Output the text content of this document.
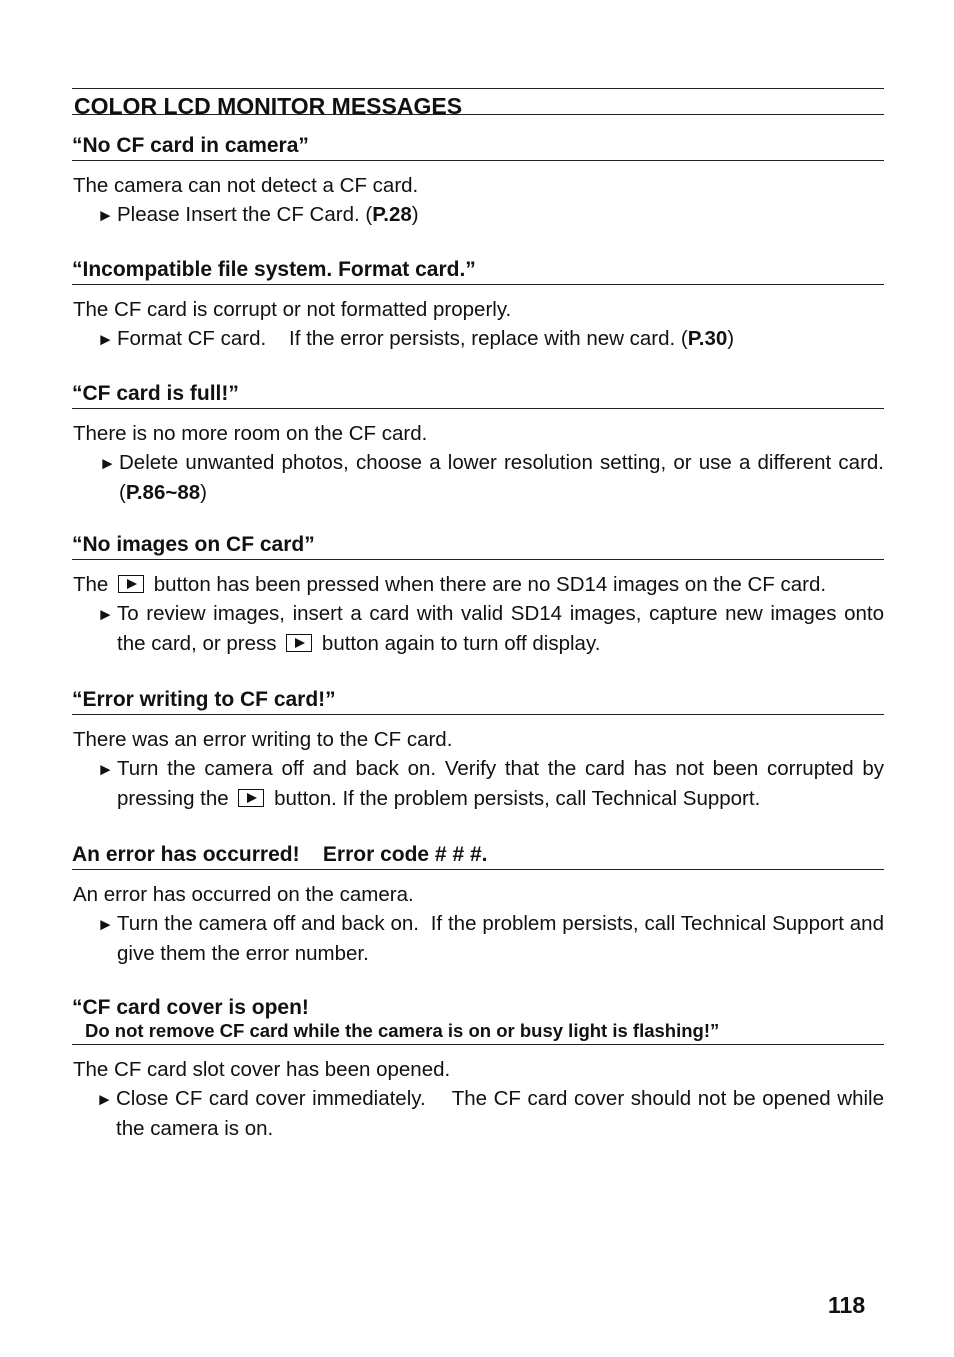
COLOR LCD MONITOR MESSAGES
“No CF card in camera”

The camera can not detect a CF card.

► Please Insert the CF Card. (P.28)

“Incompatible file system. Format card.”

The CF card is corrupt or not formatted properly.

► Format CF card.    If the error persists, replace with new card. (P.30)

“CF card is full!”

There is no more room on the CF card.

► Delete unwanted photos, choose a lower resolution setting, or use a different card. (P.86~88)

“No images on CF card”

The button has been pressed when there are no SD14 images on the CF card.

► To review images, insert a card with valid SD14 images, capture new images onto the card, or press button again to turn off display.

“Error writing to CF card!”

There was an error writing to the CF card.

► Turn the camera off and back on. Verify that the card has not been corrupted by pressing the button. If the problem persists, call Technical Support.

An error has occurred!    Error code # # #.

An error has occurred on the camera.

► Turn the camera off and back on.  If the problem persists, call Technical Support and give them the error number.

“CF card cover is open!
Do not remove CF card while the camera is on or busy light is flashing!”

The CF card slot cover has been opened.

► Close CF card cover immediately.    The CF card cover should not be opened while the camera is on.

118
